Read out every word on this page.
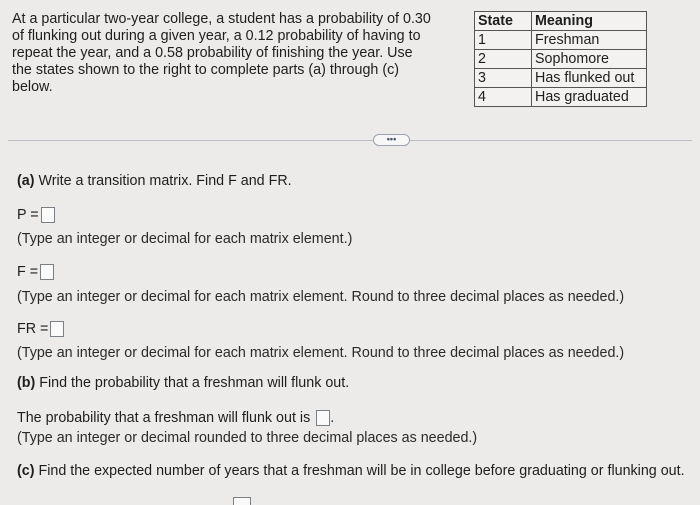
At a particular two-year college, a student has a probability of 0.30 of flunking out during a given year, a 0.12 probability of having to repeat the year, and a 0.58 probability of finishing the year. Use the states shown to the right to complete parts (a) through (c) below.

State	Meaning
1	Freshman
2	Sophomore
3	Has flunked out
4	Has graduated
•••
(a) Write a transition matrix. Find F and FR.
P =
(Type an integer or decimal for each matrix element.)
F =
(Type an integer or decimal for each matrix element. Round to three decimal places as needed.)
FR =
(Type an integer or decimal for each matrix element. Round to three decimal places as needed.)
(b) Find the probability that a freshman will flunk out.
The probability that a freshman will flunk out is .
(Type an integer or decimal rounded to three decimal places as needed.)
(c) Find the expected number of years that a freshman will be in college before graduating or flunking out.
